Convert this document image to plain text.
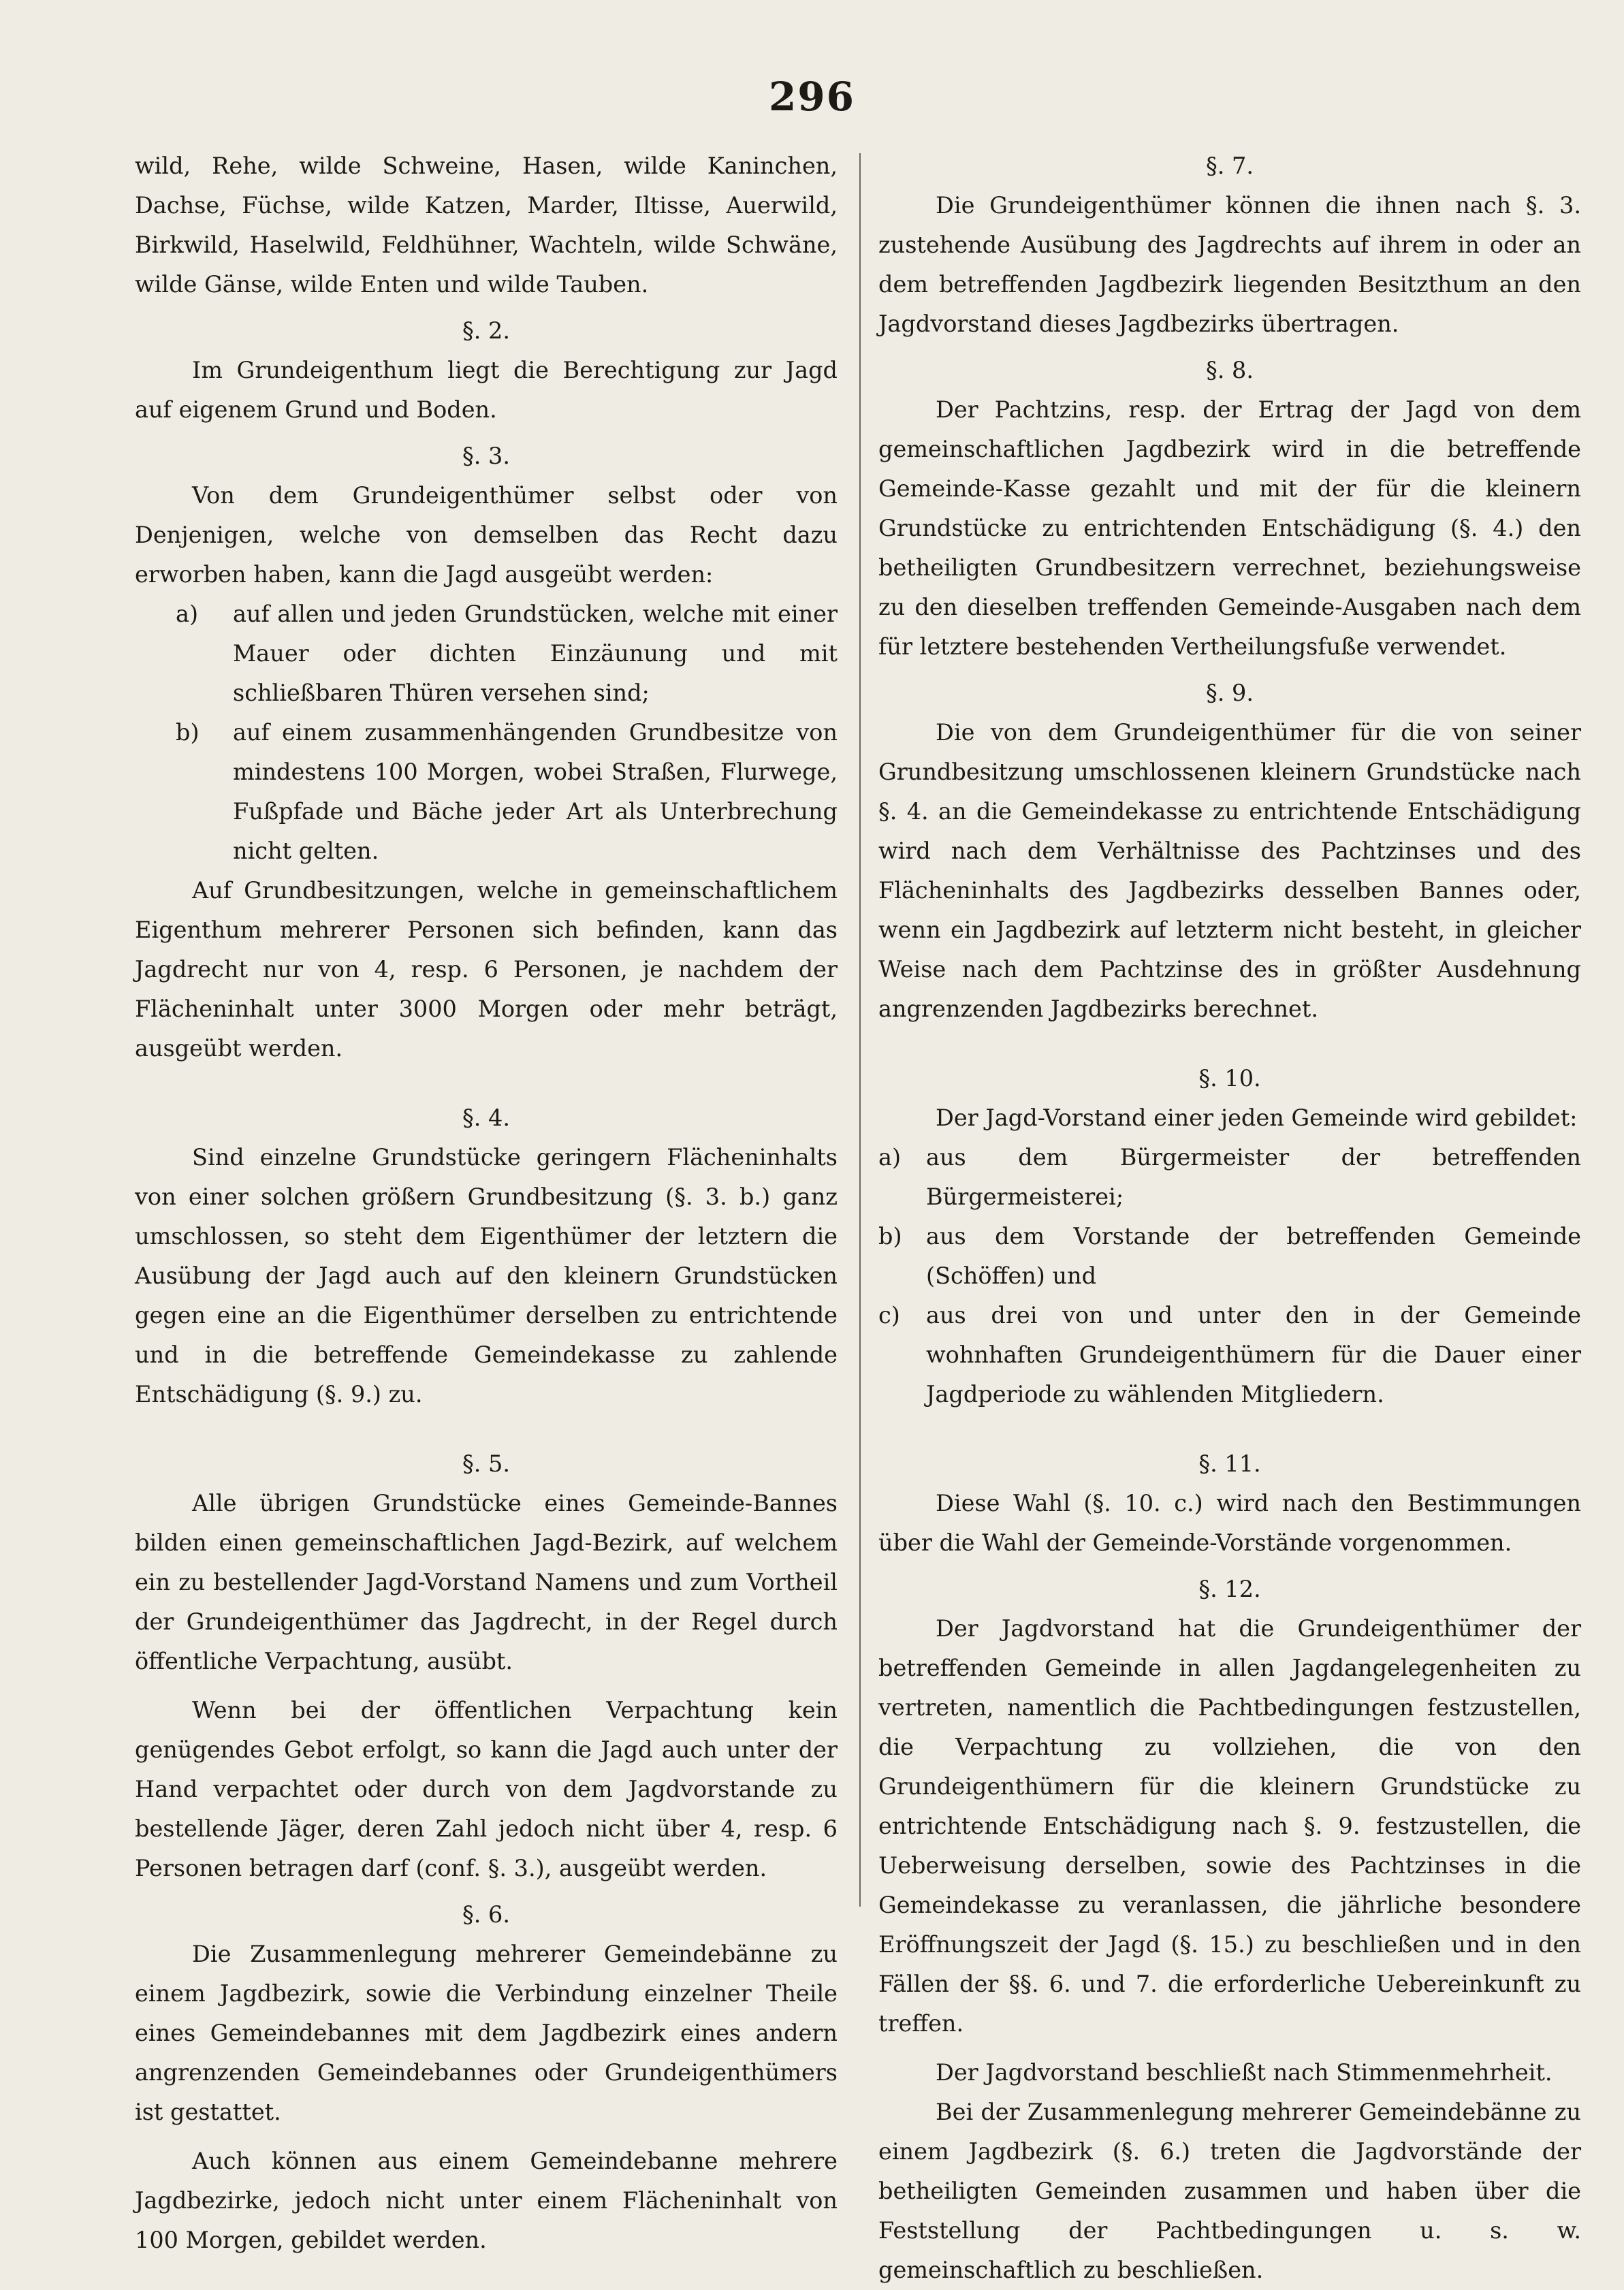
296

wild, Rehe, wilde Schweine, Hasen, wilde Kaninchen, Dachse, Füchse, wilde Katzen, Marder, Iltisse, Auerwild, Birkwild, Haselwild, Feldhühner, Wachteln, wilde Schwäne, wilde Gänse, wilde Enten und wilde Tauben.

§. 2.

Im Grundeigenthum liegt die Berechtigung zur Jagd auf eigenem Grund und Boden.

§. 3.

Von dem Grundeigenthümer selbst oder von Denjenigen, welche von demselben das Recht dazu erworben haben, kann die Jagd ausgeübt werden:

a)	auf allen und jeden Grundstücken, welche mit einer Mauer oder dichten Einzäunung und mit schließbaren Thüren versehen sind;
b)	auf einem zusammenhängenden Grundbesitze von mindestens 100 Morgen, wobei Straßen, Flurwege, Fußpfade und Bäche jeder Art als Unterbrechung nicht gelten.

Auf Grundbesitzungen, welche in gemeinschaftlichem Eigenthum mehrerer Personen sich befinden, kann das Jagdrecht nur von 4, resp. 6 Personen, je nachdem der Flächeninhalt unter 3000 Morgen oder mehr beträgt, ausgeübt werden.

§. 4.

Sind einzelne Grundstücke geringern Flächeninhalts von einer solchen größern Grundbesitzung (§. 3. b.) ganz umschlossen, so steht dem Eigenthümer der letztern die Ausübung der Jagd auch auf den kleinern Grundstücken gegen eine an die Eigenthümer derselben zu entrichtende und in die betreffende Gemeindekasse zu zahlende Entschädigung (§. 9.) zu.

§. 5.

Alle übrigen Grundstücke eines Gemeinde-Bannes bilden einen gemeinschaftlichen Jagd-Bezirk, auf welchem ein zu bestellender Jagd-Vorstand Namens und zum Vortheil der Grundeigenthümer das Jagdrecht, in der Regel durch öffentliche Verpachtung, ausübt.

Wenn bei der öffentlichen Verpachtung kein genügendes Gebot erfolgt, so kann die Jagd auch unter der Hand verpachtet oder durch von dem Jagdvorstande zu bestellende Jäger, deren Zahl jedoch nicht über 4, resp. 6 Personen betragen darf (conf. §. 3.), ausgeübt werden.

§. 6.

Die Zusammenlegung mehrerer Gemeindebänne zu einem Jagdbezirk, sowie die Verbindung einzelner Theile eines Gemeindebannes mit dem Jagdbezirk eines andern angrenzenden Gemeindebannes oder Grundeigenthümers ist gestattet.

Auch können aus einem Gemeindebanne mehrere Jagdbezirke, jedoch nicht unter einem Flächeninhalt von 100 Morgen, gebildet werden.

§. 7.

Die Grundeigenthümer können die ihnen nach §. 3. zustehende Ausübung des Jagdrechts auf ihrem in oder an dem betreffenden Jagdbezirk liegenden Besitzthum an den Jagdvorstand dieses Jagdbezirks übertragen.

§. 8.

Der Pachtzins, resp. der Ertrag der Jagd von dem gemeinschaftlichen Jagdbezirk wird in die betreffende Gemeinde-Kasse gezahlt und mit der für die kleinern Grundstücke zu entrichtenden Entschädigung (§. 4.) den betheiligten Grundbesitzern verrechnet, beziehungsweise zu den dieselben treffenden Gemeinde-Ausgaben nach dem für letztere bestehenden Vertheilungsfuße verwendet.

§. 9.

Die von dem Grundeigenthümer für die von seiner Grundbesitzung umschlossenen kleinern Grundstücke nach §. 4. an die Gemeindekasse zu entrichtende Entschädigung wird nach dem Verhältnisse des Pachtzinses und des Flächeninhalts des Jagdbezirks desselben Bannes oder, wenn ein Jagdbezirk auf letzterm nicht besteht, in gleicher Weise nach dem Pachtzinse des in größter Ausdehnung angrenzenden Jagdbezirks berechnet.

§. 10.

Der Jagd-Vorstand einer jeden Gemeinde wird gebildet:

a)	aus dem Bürgermeister der betreffenden Bürgermeisterei;
b)	aus dem Vorstande der betreffenden Gemeinde (Schöffen) und
c)	aus drei von und unter den in der Gemeinde wohnhaften Grundeigenthümern für die Dauer einer Jagdperiode zu wählenden Mitgliedern.
§. 11.

Diese Wahl (§. 10. c.) wird nach den Bestimmungen über die Wahl der Gemeinde-Vorstände vorgenommen.

§. 12.

Der Jagdvorstand hat die Grundeigenthümer der betreffenden Gemeinde in allen Jagdangelegenheiten zu vertreten, namentlich die Pachtbedingungen festzustellen, die Verpachtung zu vollziehen, die von den Grundeigenthümern für die kleinern Grundstücke zu entrichtende Entschädigung nach §. 9. festzustellen, die Ueberweisung derselben, sowie des Pachtzinses in die Gemeindekasse zu veranlassen, die jährliche besondere Eröffnungszeit der Jagd (§. 15.) zu beschließen und in den Fällen der §§. 6. und 7. die erforderliche Uebereinkunft zu treffen.

Der Jagdvorstand beschließt nach Stimmenmehrheit.

Bei der Zusammenlegung mehrerer Gemeindebänne zu einem Jagdbezirk (§. 6.) treten die Jagdvorstände der betheiligten Gemeinden zusammen und haben über die Feststellung der Pachtbedingungen u. s. w. gemeinschaftlich zu beschließen.
